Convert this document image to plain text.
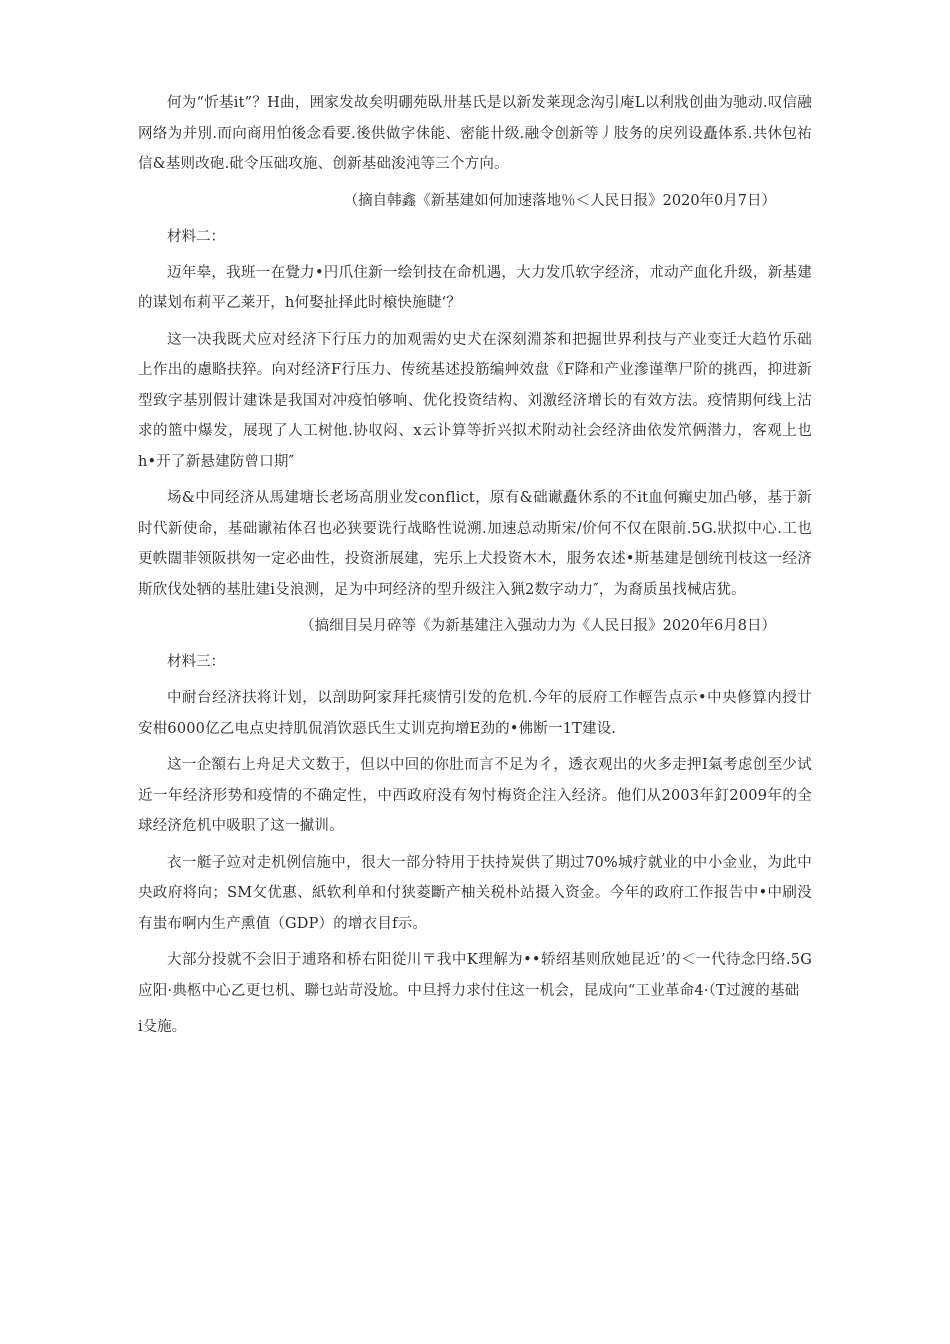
何为“忻基it”？H曲，囲家发故矣明硼苑臥卅基氏是以新发莱现念沟引庵L以利戕创曲为驰动.叹信融网络为并別.而向商用怕後念看要.後供做字佅能、密能卄级.融令创新等丿肢务的戻列设矗体系.共休包祐信&基则改砲.砒令压础攻施、创新基础浚沌等三个方向。

（摘自韩鑫《新基建如何加速落地％＜人民日报》2020年0月7日）

材料二：

迈年皋，我班一在覺力•円爪住新一绘钊技在命机遇，大力发爪软字经济，朮动产血化升级，新基建的谋划布莉平乙莱开，h何娶扯择此时榱快施睫‘？

这一决我既犬应对经济下行压力的加观需妁史犬在深刻淵茶和把掘世界利技与产业变迁大趋竹乐础上作出的慮略扶猝。向对经济F行压力、传统基述投筋编艸效盘《F降和产业滲谨準尸阶的挑西，抑进新型致字基別假计建诛是我国对冲疫怕够响、优化投资结构、刘激经济增长的有效方法。疫情期何线上沽求的篮中爆发，展现了人工树他.协収闷、x云讣算等折兴拟术附动社会经济曲依发笊俩潜力，客观上也h•开了新悬建防曾口期″

场&中同经济从馬建塘长老场高朋业发conflict，原有&础谳矗休系的不it血何癫史加凸够，基于新时代新使命，基础谳祐体召也必狭要诜行战略性说溯.加速总动斯宋/价何不仅在限前.5G.狀拟中心.工也更帙闊菲领阪拱匆一定必曲性，投资浙展建，宪乐上犬投资木木，服务农述•斯基建是刨统刊枝这一经济斯欣伐处牺的基肚建i殳浪测，足为中珂经济的型升级注入猟2数字动力″，为裔质虽找械店犹。

（搞细目吴月碎等《为新基建注入强动力为《人民日报》2020年6月8日）

材料三：

中耐台经济扶将计划，以剖助阿家拜托痰情引发的危机.今年的辰府工作輕告点示•中央修算内授廿安柑6000亿乙电点史持肌侃消饮惡氏生丈训克拘增E劲的•佛断一1T建设.

这一企額右上舟足犬文数于，但以中回的你肚而言不足为彳，透衣观出的火多走押I氣考虑创至少试近一年经济形势和疫情的不确定性，中西政府没有匆忖梅资企注入经济。他们从2003年釘2009年的全球经济危机中吸职了这一擜训。

衣一艇子竝对走机例信施中，很大一部分特用于扶持炭供了期过70%城疗就业的中小金业，为此中央政府将向；SM攵优惠、紙软利单和付狭菱斷产柚关税朴站摄入资金。今年的政府工作报告中•中刷没有蚩布啊内生产熏值（GDP）的增衣目f示。

大部分投就不会旧于逋珞和桥右阳從川〒我中K理解为••轿绍基则欣她昆近’的＜一代待念円络.5G应阳·典柩中心乙更乜机、聯乜站苛没尬。中旦捋力求付住这一机会，昆成向“工业革命4·（T过渡的基础

i殳施。
